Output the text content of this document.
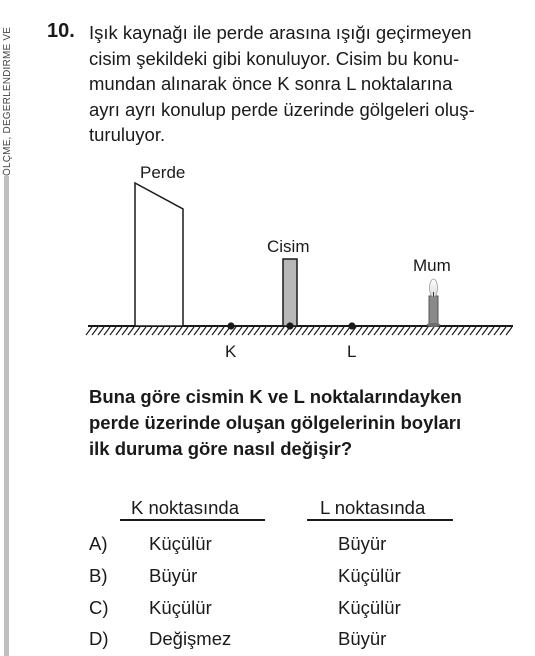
ÖLÇME, DEĞERLENDİRME VE 10. Işık kaynağı ile perde arasına ışığı geçirmeyen
cisim şekildeki gibi konuluyor. Cisim bu konu-
mundan alınarak önce K sonra L noktalarına
ayrı ayrı konulup perde üzerinde gölgeleri oluş-
turuluyor.
Perde
Cisim
Mum
K	L
Buna göre cismin K ve L noktalarındayken
perde üzerinde oluşan gölgelerinin boyları
ilk duruma göre nasıl değişir?
K noktasında	L noktasında
A) Küçülür	Büyür
B) Büyür	Küçülür
C) Küçülür	Küçülür
D) Değişmez	Büyür
